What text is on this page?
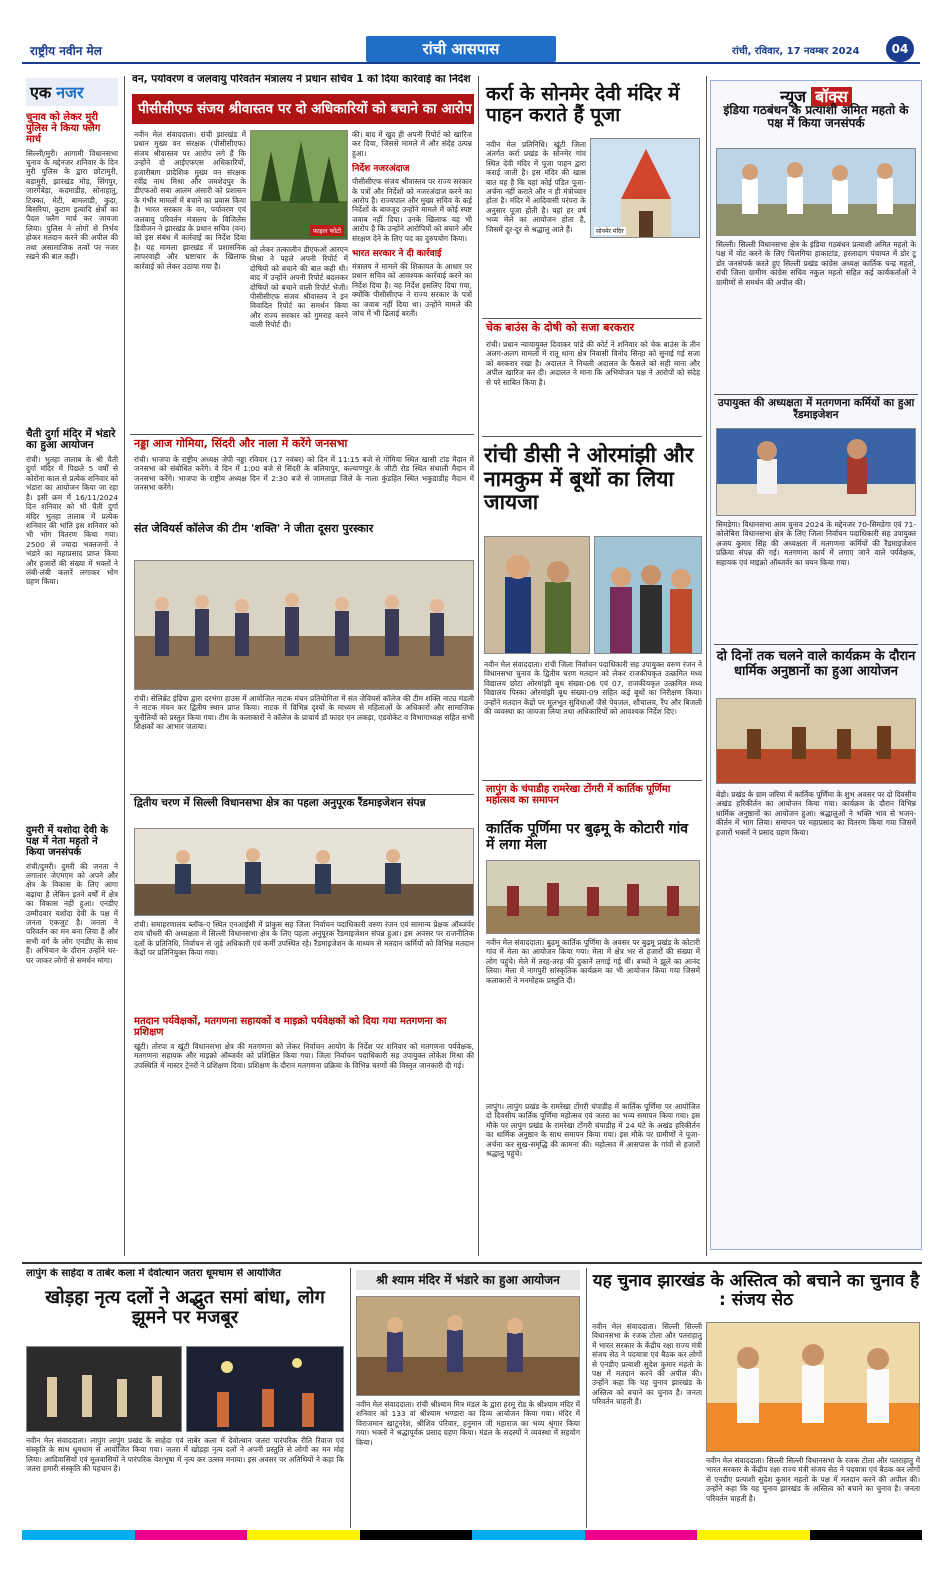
राष्ट्रीय नवीन मेल	रांची आसपास	रांची, रविवार, 17 नवम्बर 2024	04
एक नजर
चुनाव को लेकर मुरी पुलिस ने किया फ्लैग मार्च
सिल्ली/मुरी। आगामी विधानसभा चुनाव के मद्देनजर शनिवार के दिन मुरी पुलिस के द्वारा छोटामुरी, बड़ामुरी, झारखंड मोड़, सिंगपुर, जारगेबेड़ा, कदमाडीह, सोनाहातु, टिक्का, मेटी, बामलाडी, कुदा, बिसरिया, कुटाम इत्यादि क्षेत्रों का पैदल फ्लैग मार्च कर जायजा लिया। पुलिस ने लोगों से निर्भय होकर मतदान करने की अपील की तथा असामाजिक तत्वों पर नजर रखने की बात कही।
चैती दुर्गा मंदिर में भंडारे का हुआ आयोजन
रांची। भुतहा तालाब के श्री चैती दुर्गा मंदिर में पिछले 5 वर्षों से कोरोना काल से प्रत्येक शनिवार को भंडारा का आयोजन किया जा रहा है। इसी क्रम में 16/11/2024 दिन शनिवार को भी चैती दुर्गा मंदिर भुतहा तालाब में प्रत्येक शनिवार की भांति इस शनिवार को भी भोग वितरण किया गया। 2500 से ज्यादा भक्तजनों ने भंडारे का महाप्रसाद प्राप्त किया और हजारों की संख्या में भक्तों ने लंबी-लंबी कतारें लगाकर भोग ग्रहण किया।
दुमरी में यशोदा देवी के पक्ष में नेता महतो ने किया जनसंपर्क
रांची/दुमरी। दुमरी की जनता ने लगातार जेएमएम को अपने और क्षेत्र के विकास के लिए आगा बढ़ाया है लेकिन इतने वर्षों में क्षेत्र का विकास नहीं हुआ। एनडीए उम्मीदवार यशोदा देवी के पक्ष में जनता एकजुट है। जनता ने परिवर्तन का मन बना लिया है और सभी वर्ग के लोग एनडीए के साथ हैं। अभियान के दौरान उन्होंने घर-घर जाकर लोगों से समर्थन मांगा।
वन, पर्यावरण व जलवायु परिवर्तन मंत्रालय ने प्रधान सचिव 1 को दिया कार्रवाई का निर्देश
पीसीसीएफ संजय श्रीवास्तव पर दो अधिकारियों को बचाने का आरोप
नवीन मेल संवाददाता। रांची झारखंड में प्रधान मुख्य वन संरक्षक (पीसीसीएफ) संजय श्रीवास्तव पर आरोप लगे हैं कि उन्होंने दो आईएफएस अधिकारियों, हजारीबाग प्रादेशिक मुख्य वन संरक्षक रवींद्र नाथ मिश्रा और जमशेदपुर के डीएफओ सबा आलम अंसारी को प्रशासन के गंभीर मामलों में बचाने का प्रयास किया है। भारत सरकार के वन, पर्यावरण एवं जलवायु परिवर्तन मंत्रालय के विजिलेंस डिवीजन ने झारखंड के प्रधान सचिव (वन) को इस संबंध में कार्रवाई का निर्देश दिया है। यह मामला झारखंड में प्रशासनिक लापरवाही और भ्रष्टाचार के खिलाफ कार्रवाई को लेकर उठाया गया है।
फाइल फोटो
को लेकर तत्कालीन डीएफओ आरएन मिश्रा ने पहले अपनी रिपोर्ट में दोषियों को बचाने की बात कही थी। बाद में उन्होंने अपनी रिपोर्ट बदलकर दोषियों को बचाने वाली रिपोर्ट भेजी। पीसीसीएफ संजय श्रीवास्तव ने इन विवादित रिपोर्ट का समर्थन किया और राज्य सरकार को गुमराह करने वाली रिपोर्ट दी।
की। बाद में खुद ही अपनी रिपोर्ट को खारिज कर दिया, जिससे मामले में और संदेह उत्पन्न हुआ।
निर्देश नजरअंदाज
पीसीसीएफ संजय श्रीवास्तव पर राज्य सरकार के पत्रों और निर्देशों को नजरअंदाज करने का आरोप है। राज्यपाल और मुख्य सचिव के कई निर्देशों के बावजूद उन्होंने मामले में कोई स्पष्ट जवाब नहीं दिया। उनके खिलाफ यह भी आरोप है कि उन्होंने आरोपियों को बचाने और संरक्षण देने के लिए पद का दुरुपयोग किया।
भारत सरकार ने दी कार्रवाई
मंत्रालय ने मामले की शिकायत के आधार पर प्रधान सचिव को आवश्यक कार्रवाई करने का निर्देश दिया है। यह निर्देश इसलिए दिया गया, क्योंकि पीसीसीएफ ने राज्य सरकार के पत्रों का जवाब नहीं दिया था। उन्होंने मामले की जांच में भी ढिलाई बरती।
नड्डा आज गोमिया, सिंदरी और नाला में करेंगे जनसभा
रांची। भाजपा के राष्ट्रीय अध्यक्ष जेपी नड्डा रविवार (17 नवंबर) को दिन में 11:15 बजे से गोमिया स्थित खासी टांड़ मैदान में जनसभा को संबोधित करेंगे। वे दिन में 1:00 बजे से सिंदरी के बलियापुर, कल्याणपुर के जीटी रोड स्थित संथाली मैदान में जनसभा करेंगे। भाजपा के राष्ट्रीय अध्यक्ष दिन में 2:30 बजे से जामताड़ा जिले के नाला कुंडहित स्थित भकुडाडीह मैदान में जनसभा करेंगे।
संत जेवियर्स कॉलेज की टीम 'शक्ति' ने जीता दूसरा पुरस्कार
रांची। सेलिब्रेट इंडिया द्वारा दरभंगा हाउस में आयोजित नाटक मंचन प्रतियोगिता में संत जेवियर्स कॉलेज की टीम शक्ति नाट्य मंडली ने नाटक मंचन कर द्वितीय स्थान प्राप्त किया। नाटक में विभिन्न दृश्यों के माध्यम से महिलाओं के अधिकारों और सामाजिक चुनौतियों को प्रस्तुत किया गया। टीम के कलाकारों ने कॉलेज के प्राचार्य डॉ फादर एन लकड़ा, एडवोकेट व विभागाध्यक्ष सहित सभी शिक्षकों का आभार जताया।
द्वितीय चरण में सिल्ली विधानसभा क्षेत्र का पहला अनुपूरक रैंडमाइजेशन संपन्न
रांची। समाहरणालय ब्लॉक-ए स्थित एनआईसी में प्रांकुस सह जिला निर्वाचन पदाधिकारी वरुण रंजन एवं सामान्य प्रेक्षक ऑब्जर्वर राय चौधरी की अध्यक्षता में सिल्ली विधानसभा क्षेत्र के लिए पहला अनुपूरक रैंडमाइजेशन संपन्न हुआ। इस अवसर पर राजनीतिक दलों के प्रतिनिधि, निर्वाचन से जुड़े अधिकारी एवं कर्मी उपस्थित रहे। रैंडमाइजेशन के माध्यम से मतदान कर्मियों को विभिन्न मतदान केंद्रों पर प्रतिनियुक्त किया गया।
मतदान पर्यवेक्षकों, मतगणना सहायकों व माइक्रो पर्यवेक्षकों को दिया गया मतगणना का प्रशिक्षण
खूंटी। तोरपा व खूंटी विधानसभा क्षेत्र की मतगणना को लेकर निर्वाचन आयोग के निर्देश पर शनिवार को मतगणना पर्यवेक्षक, मतगणना सहायक और माइक्रो ऑब्जर्वर को प्रशिक्षित किया गया। जिला निर्वाचन पदाधिकारी सह उपायुक्त लोकेश मिश्रा की उपस्थिति में मास्टर ट्रेनरों ने प्रशिक्षण दिया। प्रशिक्षण के दौरान मतगणना प्रक्रिया के विभिन्न चरणों की विस्तृत जानकारी दी गई।
कर्रा के सोनमेर देवी मंदिर में पाहन कराते हैं पूजा
नवीन मेल प्रतिनिधि। खूंटी जिला अंतर्गत कर्रा प्रखंड के सोनमेर गांव स्थित देवी मंदिर में पूजा पाहन द्वारा कराई जाती है। इस मंदिर की खास बात यह है कि यहां कोई पंडित पूजा-अर्चना नहीं कराते और न ही मंत्रोच्चार होता है। मंदिर में आदिवासी परंपरा के अनुसार पूजा होती है। यहां हर वर्ष भव्य मेले का आयोजन होता है, जिसमें दूर-दूर से श्रद्धालु आते हैं।	सोनमेर मंदिर
चेक बाउंस के दोषी को सजा बरकरार
रांची। प्रधान न्यायायुक्त दिवाकर पांडे की कोर्ट ने शनिवार को चेक बाउंस के तीन अलग-अलग मामलों में रातू थाना क्षेत्र निवासी विनोद सिन्हा को सुनाई गई सजा को बरकरार रखा है। अदालत ने निचली अदालत के फैसले को सही माना और अपील खारिज कर दी। अदालत ने माना कि अभियोजन पक्ष ने आरोपों को संदेह से परे साबित किया है।
रांची डीसी ने ओरमांझी और नामकुम में बूथों का लिया जायजा
नवीन मेल संवाददाता। रांची जिला निर्वाचन पदाधिकारी सह उपायुक्त वरुण रंजन ने विधानसभा चुनाव के द्वितीय चरण मतदान को लेकर राजकीयकृत उत्क्रमित मध्य विद्यालय छोटा ओरमांझी बूथ संख्या-06 एवं 07, राजकीयकृत उत्क्रमित मध्य विद्यालय पिस्का ओरमांझी बूथ संख्या-09 सहित कई बूथों का निरीक्षण किया। उन्होंने मतदान केंद्रों पर मूलभूत सुविधाओं जैसे पेयजल, शौचालय, रैंप और बिजली की व्यवस्था का जायजा लिया तथा अधिकारियों को आवश्यक निर्देश दिए।
लापुंग के चंपाडीह रामरेखा टोंगरी में कार्तिक पूर्णिमा महोत्सव का समापन
कार्तिक पूर्णिमा पर बुढ़मू के कोटारी गांव में लगा मेला
नवीन मेल संवाददाता। बुढ़मू कार्तिक पूर्णिमा के अवसर पर बुढ़मू प्रखंड के कोटारी गांव में मेला का आयोजन किया गया। मेला में क्षेत्र भर से हजारों की संख्या में लोग पहुंचे। मेले में तरह-तरह की दुकानें लगाई गई थीं। बच्चों ने झूले का आनंद लिया। मेला में नागपुरी सांस्कृतिक कार्यक्रम का भी आयोजन किया गया जिसमें कलाकारों ने मनमोहक प्रस्तुति दी।
लापुंग। लापुंग प्रखंड के रामरेखा टोंगरी चंपाडीह में कार्तिक पूर्णिमा पर आयोजित दो दिवसीय कार्तिक पूर्णिमा महोत्सव एवं जतरा का भव्य समापन किया गया। इस मौके पर लापुंग प्रखंड के रामरेखा टोंगरी चंपाडीह में 24 घंटे के अखंड हरिकीर्तन का धार्मिक अनुष्ठान के साथ समापन किया गया। इस मौके पर ग्रामीणों ने पूजा-अर्चना कर सुख-समृद्धि की कामना की। महोत्सव में आसपास के गांवों से हजारों श्रद्धालु पहुंचे।
न्यूज बॉक्स
इंडिया गठबंधन के प्रत्याशी अमित महतो के पक्ष में किया जनसंपर्क
सिल्ली। सिल्ली विधानसभा क्षेत्र के इंडिया गठबंधन प्रत्याशी अमित महतो के पक्ष में वोट करने के लिए चिलगिया हाकाटांड, हरलादाग पंचायत में डोर टू डोर जनसंपर्क करते हुए सिल्ली प्रखंड कांग्रेस अध्यक्ष कार्तिक चन्द्र महतो, रांची जिला ग्रामीण कांग्रेस सचिव नकुल महतो सहित कई कार्यकर्ताओं ने ग्रामीणों से समर्थन की अपील की।
उपायुक्त की अध्यक्षता में मतगणना कर्मियों का हुआ रैंडमाइजेशन
सिमडेगा। विधानसभा आम चुनाव 2024 के मद्देनजर 70-सिमडेगा एवं 71-कोलेबिरा विधानसभा क्षेत्र के लिए जिला निर्वाचन पदाधिकारी सह उपायुक्त अजय कुमार सिंह की अध्यक्षता में मतगणना कर्मियों की रैंडमाइजेशन प्रक्रिया संपन्न की गई। मतगणना कार्य में लगाए जाने वाले पर्यवेक्षक, सहायक एवं माइक्रो ऑब्जर्वर का चयन किया गया।
दो दिनों तक चलने वाले कार्यक्रम के दौरान धार्मिक अनुष्ठानों का हुआ आयोजन
बेड़ो। प्रखंड के ग्राम जरिया में कार्तिक पूर्णिमा के शुभ अवसर पर दो दिवसीय अखंड हरिकीर्तन का आयोजन किया गया। कार्यक्रम के दौरान विभिन्न धार्मिक अनुष्ठानों का आयोजन हुआ। श्रद्धालुओं ने भक्ति भाव से भजन-कीर्तन में भाग लिया। समापन पर महाप्रसाद का वितरण किया गया जिसमें हजारों भक्तों ने प्रसाद ग्रहण किया।
लापुंग के साहेदा व ताबेर कला में देवोत्थान जतरा धूमधाम से आयोजित
खोड़हा नृत्य दलों ने अद्भुत समां बांधा, लोग झूमने पर मजबूर
नवीन मेल संवाददाता। लापुंग लापुंग प्रखंड के साहेदा एवं ताबेर कला में देवोत्थान जतरा पारंपरिक रीति रिवाज एवं संस्कृति के साथ धूमधाम से आयोजित किया गया। जतरा में खोड़हा नृत्य दलों ने अपनी प्रस्तुति से लोगों का मन मोह लिया। आदिवासियों एवं मूलवासियों ने पारंपरिक वेशभूषा में नृत्य कर उत्सव मनाया। इस अवसर पर अतिथियों ने कहा कि जतरा हमारी संस्कृति की पहचान है।
श्री श्याम मंदिर में भंडारे का हुआ आयोजन
नवीन मेल संवाददाता। रांची श्रीश्याम मित्र मंडल के द्वारा हरमू रोड के श्रीश्याम मंदिर में शनिवार को 133 वां श्रीश्याम भण्डारा का दिव्य आयोजन किया गया। मंदिर में विराजमान खाटूनरेश, श्रीशिव परिवार, हनुमान जी महाराज का भव्य श्रृंगार किया गया। भक्तों ने श्रद्धापूर्वक प्रसाद ग्रहण किया। मंडल के सदस्यों ने व्यवस्था में सहयोग किया।
यह चुनाव झारखंड के अस्तित्व को बचाने का चुनाव है : संजय सेठ
नवीन मेल संवाददाता। सिल्ली सिल्ली विधानसभा के रजक टोला और पतराहातु में भारत सरकार के केंद्रीय रक्षा राज्य मंत्री संजय सेठ ने पदयात्रा एवं बैठक कर लोगों से एनडीए प्रत्याशी सुदेश कुमार महतो के पक्ष में मतदान करने की अपील की। उन्होंने कहा कि यह चुनाव झारखंड के अस्तित्व को बचाने का चुनाव है। जनता परिवर्तन चाहती है।
नवीन मेल संवाददाता। सिल्ली सिल्ली विधानसभा के रजक टोला और पतराहातु में भारत सरकार के केंद्रीय रक्षा राज्य मंत्री संजय सेठ ने पदयात्रा एवं बैठक कर लोगों से एनडीए प्रत्याशी सुदेश कुमार महतो के पक्ष में मतदान करने की अपील की। उन्होंने कहा कि यह चुनाव झारखंड के अस्तित्व को बचाने का चुनाव है। जनता परिवर्तन चाहती है।
